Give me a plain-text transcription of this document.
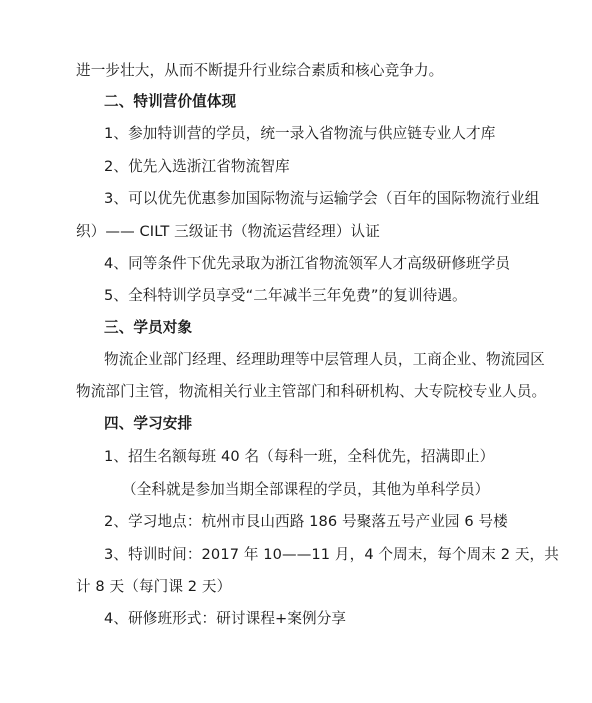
进一步壮大，从而不断提升行业综合素质和核心竞争力。
二、特训营价值体现
1、参加特训营的学员，统一录入省物流与供应链专业人才库
2、优先入选浙江省物流智库
3、可以优先优惠参加国际物流与运输学会（百年的国际物流行业组
织）—— CILT 三级证书（物流运营经理）认证
4、同等条件下优先录取为浙江省物流领军人才高级研修班学员
5、全科特训学员享受“二年减半三年免费”的复训待遇。
三、学员对象
物流企业部门经理、经理助理等中层管理人员，工商企业、物流园区
物流部门主管，物流相关行业主管部门和科研机构、大专院校专业人员。
四、学习安排
1、招生名额每班 40 名（每科一班，全科优先，招满即止）
（全科就是参加当期全部课程的学员，其他为单科学员）
2、学习地点：杭州市艮山西路 186 号聚落五号产业园 6 号楼
3、特训时间：2017 年 10——11 月，4 个周末，每个周末 2 天，共
计 8 天（每门课 2 天）
4、研修班形式：研讨课程+案例分享
